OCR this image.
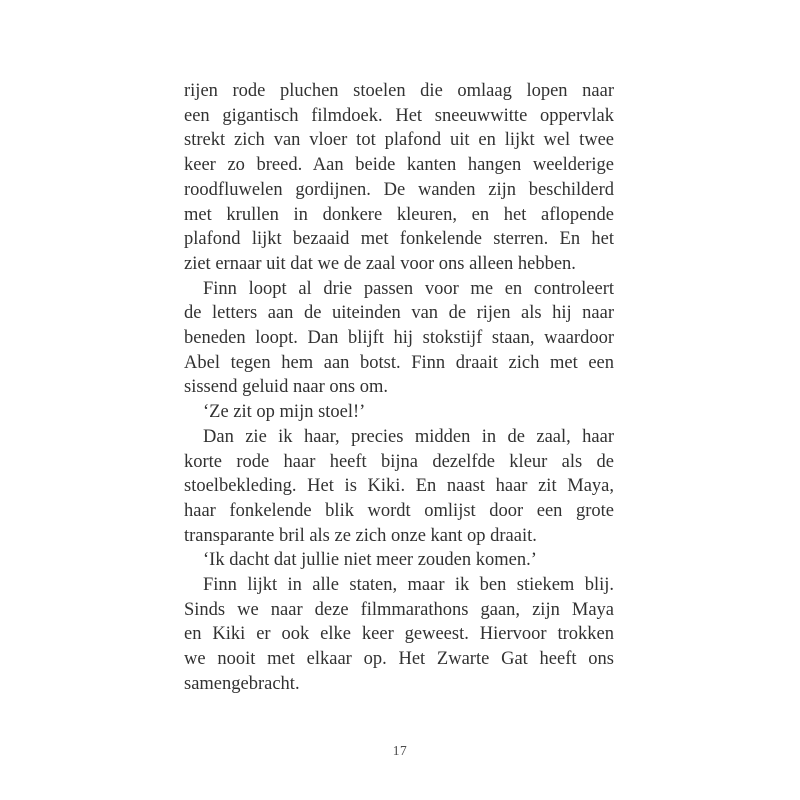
rijen rode pluchen stoelen die omlaag lopen naar
een gigantisch filmdoek. Het sneeuwwitte oppervlak
strekt zich van vloer tot plafond uit en lijkt wel twee
keer zo breed. Aan beide kanten hangen weelderige
roodfluwelen gordijnen. De wanden zijn beschilderd
met krullen in donkere kleuren, en het aflopende
plafond lijkt bezaaid met fonkelende sterren. En het
ziet ernaar uit dat we de zaal voor ons alleen hebben.
Finn loopt al drie passen voor me en controleert
de letters aan de uiteinden van de rijen als hij naar
beneden loopt. Dan blijft hij stokstijf staan, waardoor
Abel tegen hem aan botst. Finn draait zich met een
sissend geluid naar ons om.
‘Ze zit op mijn stoel!’
Dan zie ik haar, precies midden in de zaal, haar
korte rode haar heeft bijna dezelfde kleur als de
stoelbekleding. Het is Kiki. En naast haar zit Maya,
haar fonkelende blik wordt omlijst door een grote
transparante bril als ze zich onze kant op draait.
‘Ik dacht dat jullie niet meer zouden komen.’
Finn lijkt in alle staten, maar ik ben stiekem blij.
Sinds we naar deze filmmarathons gaan, zijn Maya
en Kiki er ook elke keer geweest. Hiervoor trokken
we nooit met elkaar op. Het Zwarte Gat heeft ons
samengebracht.
17
